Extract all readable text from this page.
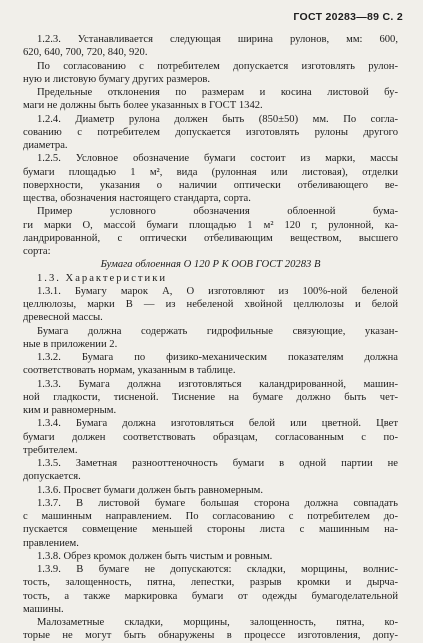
ГОСТ 20283—89 С. 2
1.2.3. Устанавливается следующая ширина рулонов, мм: 600,
620, 640, 700, 720, 840, 920.
По согласованию с потребителем допускается изготовлять рулон-
ную и листовую бумагу других размеров.
Предельные отклонения по размерам и косина листовой бу-
маги не должны быть более указанных в ГОСТ 1342.
1.2.4. Диаметр рулона должен быть (850±50) мм. По согла-
сованию с потребителем допускается изготовлять рулоны другого
диаметра.
1.2.5. Условное обозначение бумаги состоит из марки, массы
бумаги площадью 1 м², вида (рулонная или листовая), отделки
поверхности, указания о наличии оптически отбеливающего ве-
щества, обозначения настоящего стандарта, сорта.
Пример условного обозначения облоенной бума-
ги марки О, массой бумаги площадью 1 м² 120 г, рулонной, ка-
ландрированной, с оптически отбеливающим веществом, высшего
сорта:
Бумага облоенная О 120 Р К ООВ ГОСТ 20283 В
1.3. Характеристики
1.3.1. Бумагу марок А, О изготовляют из 100%-ной беленой
целлюлозы, марки В — из небеленой хвойной целлюлозы и белой
древесной массы.
Бумага должна содержать гидрофильные связующие, указан-
ные в приложении 2.
1.3.2. Бумага по физико-механическим показателям должна
соответствовать нормам, указанным в таблице.
1.3.3. Бумага должна изготовляться каландрированной, машин-
ной гладкости, тисненой. Тиснение на бумаге должно быть чет-
ким и равномерным.
1.3.4. Бумага должна изготовляться белой или цветной. Цвет
бумаги должен соответствовать образцам, согласованным с по-
требителем.
1.3.5. Заметная разнооттеночность бумаги в одной партии не
допускается.
1.3.6. Просвет бумаги должен быть равномерным.
1.3.7. В листовой бумаге большая сторона должна совпадать
с машинным направлением. По согласованию с потребителем до-
пускается совмещение меньшей стороны листа с машинным на-
правлением.
1.3.8. Обрез кромок должен быть чистым и ровным.
1.3.9. В бумаге не допускаются: складки, морщины, волнис-
тость, залощенность, пятна, лепестки, разрыв кромки и дырча-
тость, а также маркировка бумаги от одежды бумагоделательной
машины.
Малозаметные складки, морщины, залощенность, пятна, ко-
торые не могут быть обнаружены в процессе изготовления, допу-
